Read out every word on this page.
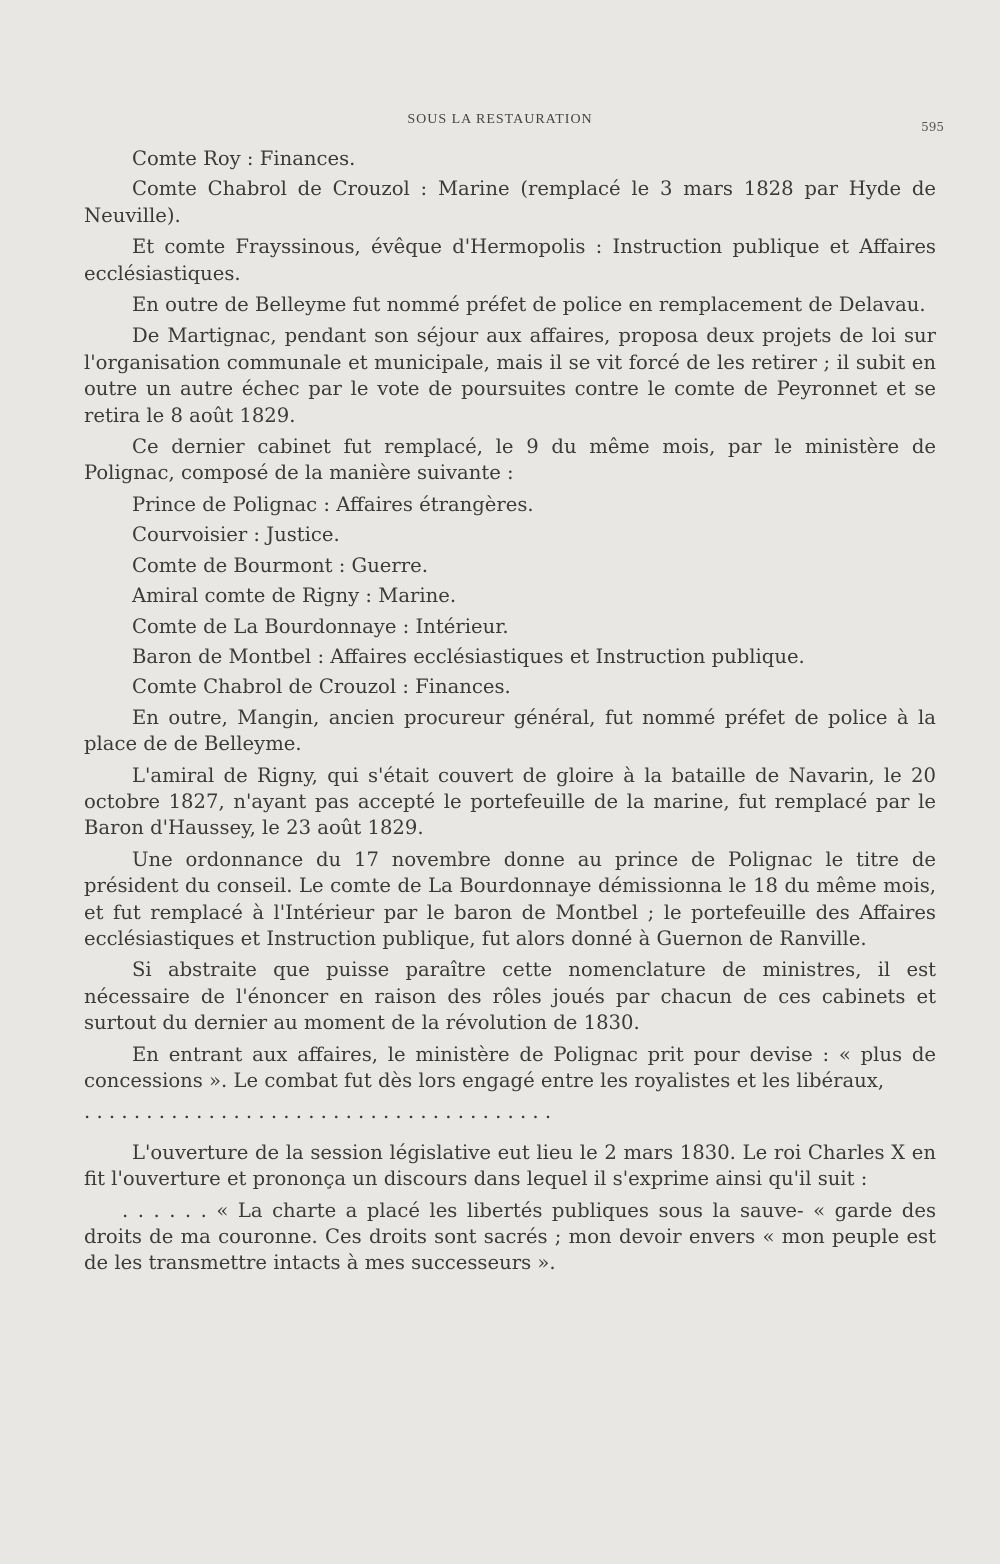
SOUS LA RESTAURATION	595

Comte Roy : Finances.

Comte Chabrol de Crouzol : Marine (remplacé le 3 mars 1828 par Hyde de Neuville).

Et comte Frayssinous, évêque d'Hermopolis : Instruction publique et Affaires ecclésiastiques.

En outre de Belleyme fut nommé préfet de police en remplacement de Delavau.

De Martignac, pendant son séjour aux affaires, proposa deux projets de loi sur l'organisation communale et municipale, mais il se vit forcé de les retirer ; il subit en outre un autre échec par le vote de poursuites contre le comte de Peyronnet et se retira le 8 août 1829.

Ce dernier cabinet fut remplacé, le 9 du même mois, par le ministère de Polignac, composé de la manière suivante :

Prince de Polignac : Affaires étrangères.

Courvoisier : Justice.

Comte de Bourmont : Guerre.

Amiral comte de Rigny : Marine.

Comte de La Bourdonnaye : Intérieur.

Baron de Montbel : Affaires ecclésiastiques et Instruction publique.

Comte Chabrol de Crouzol : Finances.

En outre, Mangin, ancien procureur général, fut nommé préfet de police à la place de de Belleyme.

L'amiral de Rigny, qui s'était couvert de gloire à la bataille de Navarin, le 20 octobre 1827, n'ayant pas accepté le portefeuille de la marine, fut remplacé par le Baron d'Haussey, le 23 août 1829.

Une ordonnance du 17 novembre donne au prince de Polignac le titre de président du conseil. Le comte de La Bourdonnaye démissionna le 18 du même mois, et fut remplacé à l'Intérieur par le baron de Montbel ; le portefeuille des Affaires ecclésiastiques et Instruction publique, fut alors donné à Guernon de Ranville.

Si abstraite que puisse paraître cette nomenclature de ministres, il est nécessaire de l'énoncer en raison des rôles joués par chacun de ces cabinets et surtout du dernier au moment de la révolution de 1830.

En entrant aux affaires, le ministère de Polignac prit pour devise : « plus de concessions ». Le combat fut dès lors engagé entre les royalistes et les libéraux,

. . . . . . . . . . . . . . . . . . . . . . . . . . . . . . . . . . . . . .

L'ouverture de la session législative eut lieu le 2 mars 1830. Le roi Charles X en fit l'ouverture et prononça un discours dans lequel il s'exprime ainsi qu'il suit :

. . . . . . « La charte a placé les libertés publiques sous la sauve- « garde des droits de ma couronne. Ces droits sont sacrés ; mon devoir envers « mon peuple est de les transmettre intacts à mes successeurs ».
